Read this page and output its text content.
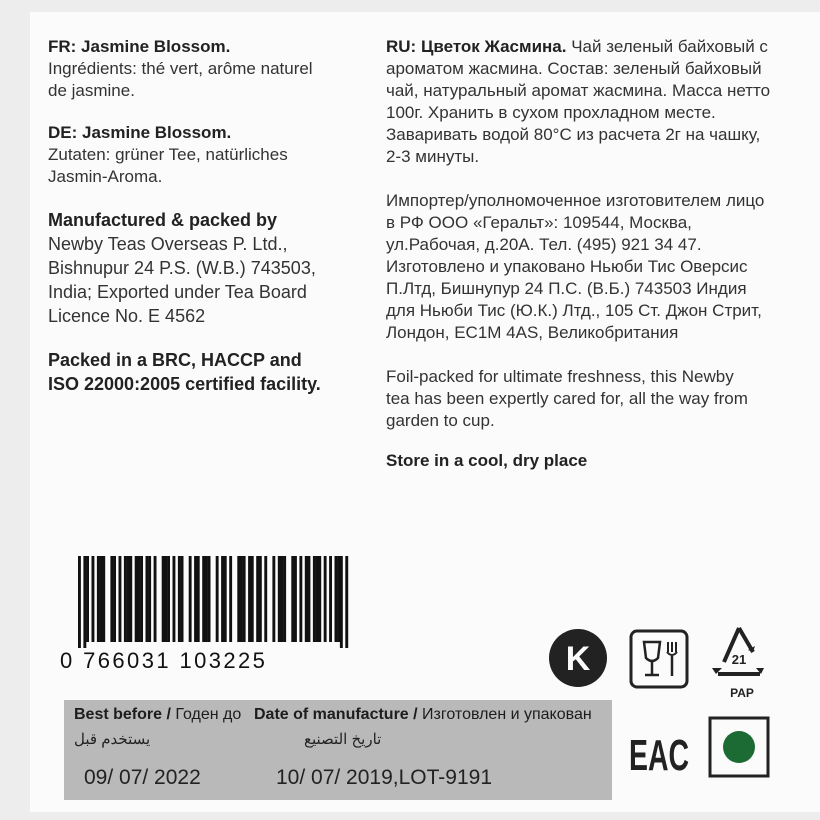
FR: Jasmine Blossom.

Ingrédients: thé vert, arôme naturel

de jasmine.

DE: Jasmine Blossom.

Zutaten: grüner Tee, natürliches

Jasmin-Aroma.

Manufactured & packed by

Newby Teas Overseas P. Ltd.,

Bishnupur 24 P.S. (W.B.) 743503,

India; Exported under Tea Board

Licence No. E 4562

Packed in a BRC, HACCP and

ISO 22000:2005 certified facility.

RU: Цветок Жасмина. Чай зеленый байховый с

ароматом жасмина. Состав: зеленый байховый

чай, натуральный аромат жасмина. Масса нетто

100г. Хранить в сухом прохладном месте.

Заваривать водой 80°С из расчета 2г на чашку,

2-3 минуты.

Импортер/уполномоченное изготовителем лицо

в РФ ООО «Геральт»: 109544, Москва,

ул.Рабочая, д.20А. Тел. (495) 921 34 47.

Изготовлено и упаковано Ньюби Тис Оверсис

П.Лтд, Бишнупур 24 П.С. (В.Б.) 743503 Индия

для Ньюби Тис (Ю.К.) Лтд., 105 Ст. Джон Стрит,

Лондон, EC1M 4AS, Великобритания

Foil-packed for ultimate freshness, this Newby

tea has been expertly cared for, all the way from

garden to cup.

Store in a cool, dry place

0 766031 103225	K	21
PAP
EAC
Best before / Годен до Date of manufacture / Изготовлен и упакован
يستخدم قبل	تاريخ التصنيع
09/ 07/ 2022	10/ 07/ 2019,LOT-9191
